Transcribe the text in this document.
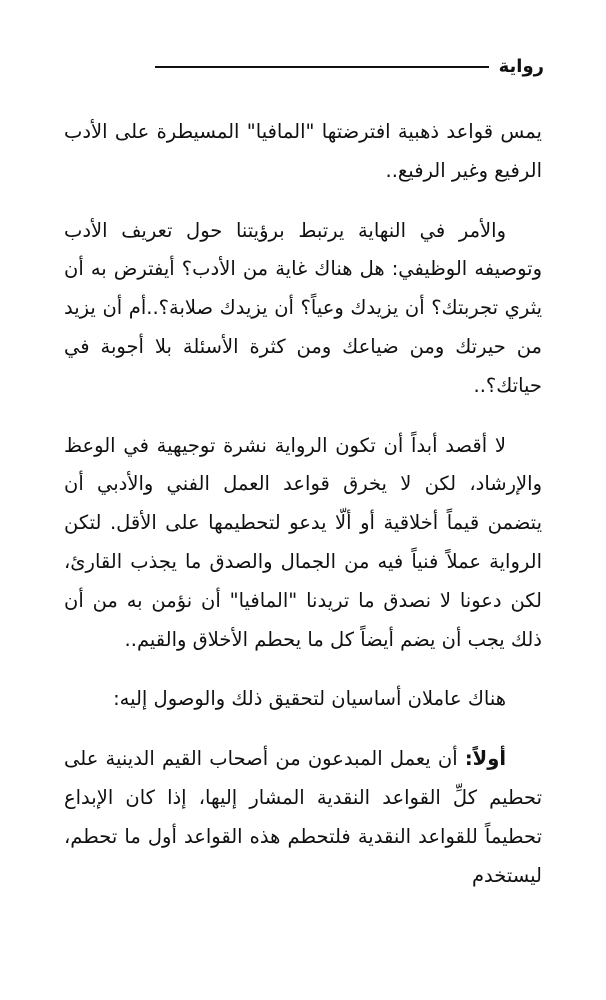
رواية

يمس قواعد ذهبية افترضتها "المافيا" المسيطرة على الأدب الرفيع وغير الرفيع..

والأمر في النهاية يرتبط برؤيتنا حول تعريف الأدب وتوصيفه الوظيفي: هل هناك غاية من الأدب؟ أيفترض به أن يثري تجربتك؟ أن يزيدك وعياً؟ أن يزيدك صلابة؟..أم أن يزيد من حيرتك ومن ضياعك ومن كثرة الأسئلة بلا أجوبة في حياتك؟..

لا أقصد أبداً أن تكون الرواية نشرة توجيهية في الوعظ والإرشاد، لكن لا يخرق قواعد العمل الفني والأدبي أن يتضمن قيماً أخلاقية أو ألّا يدعو لتحطيمها على الأقل. لتكن الرواية عملاً فنياً فيه من الجمال والصدق ما يجذب القارئ، لكن دعونا لا نصدق ما تريدنا "المافيا" أن نؤمن به من أن ذلك يجب أن يضم أيضاً كل ما يحطم الأخلاق والقيم..

هناك عاملان أساسيان لتحقيق ذلك والوصول إليه:

أولاً: أن يعمل المبدعون من أصحاب القيم الدينية على تحطيم كلِّ القواعد النقدية المشار إليها، إذا كان الإبداع تحطيماً للقواعد النقدية فلتحطم هذه القواعد أول ما تحطم، ليستخدم
